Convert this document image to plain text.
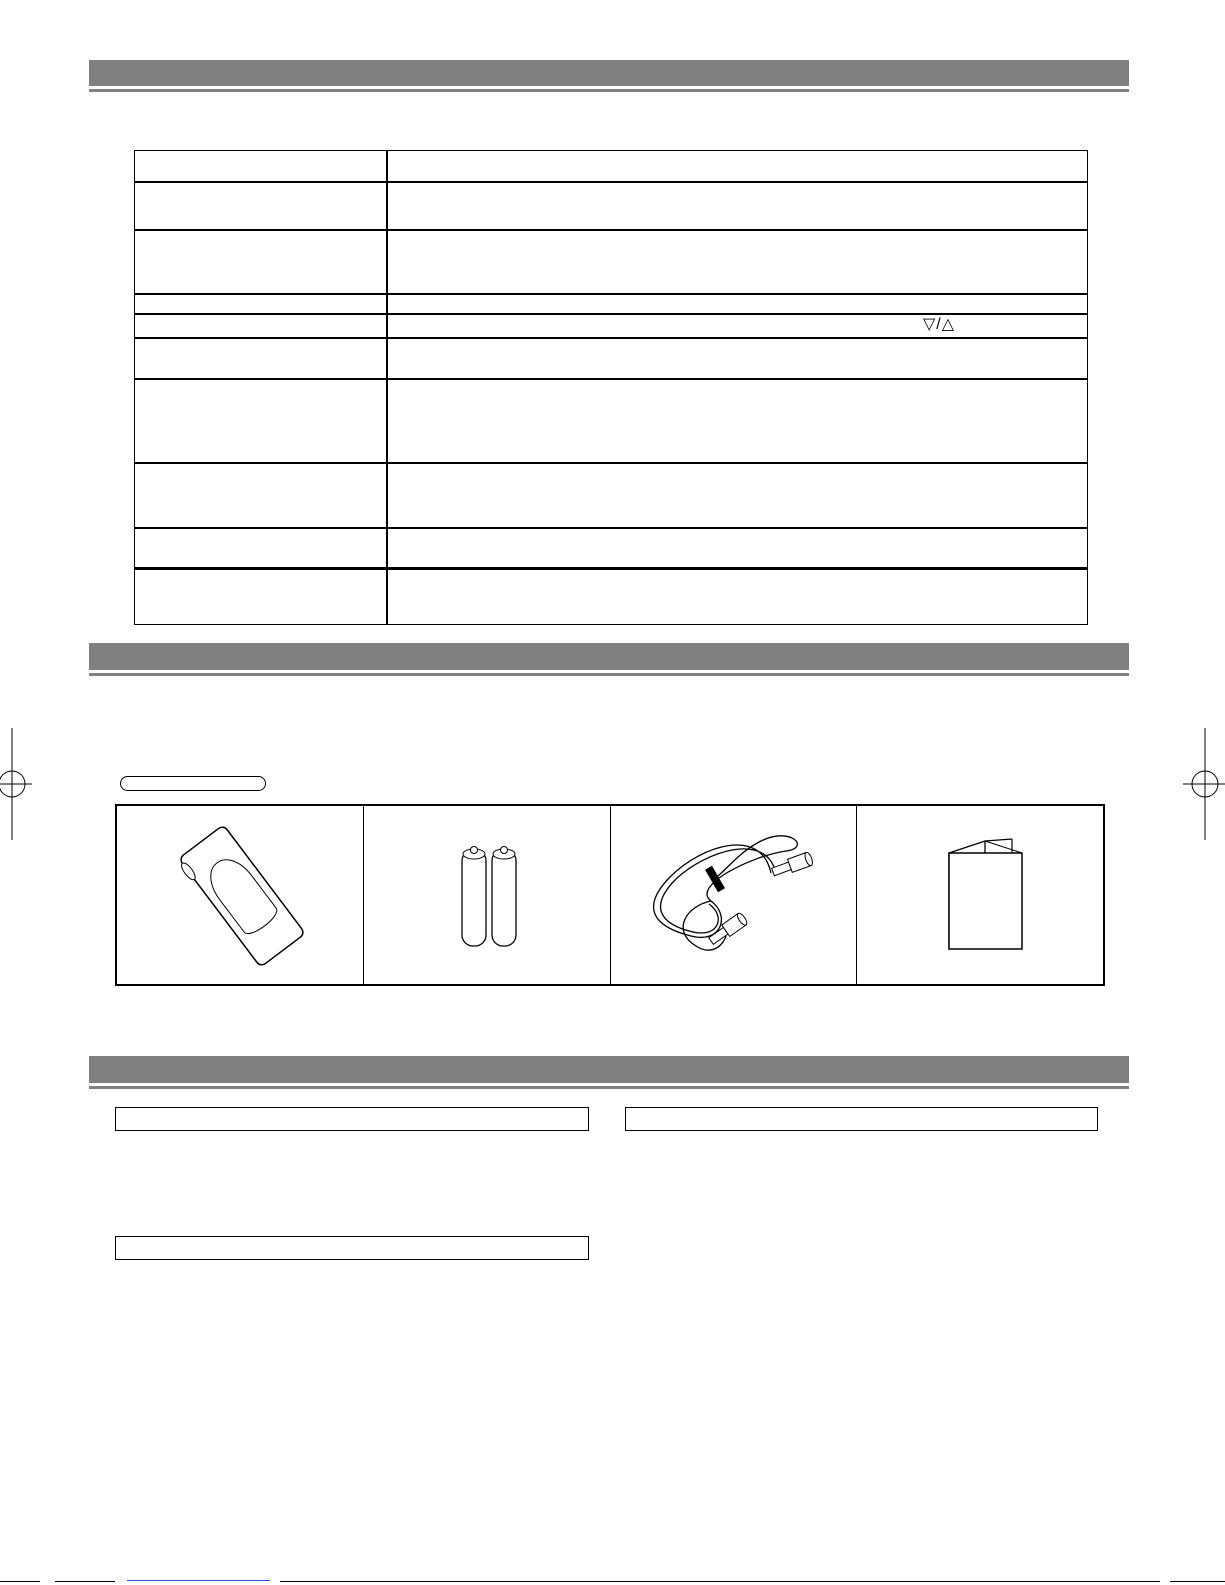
▽/△
